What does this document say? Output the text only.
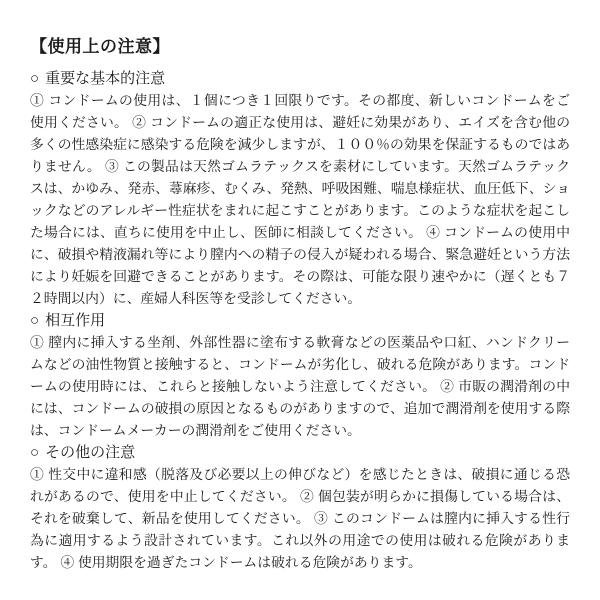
【使用上の注意】
○ 重要な基本的注意

① コンドームの使用は、１個につき１回限りです。その都度、新しいコンドームをご使用ください。 ② コンドームの適正な使用は、避妊に効果があり、エイズを含む他の多くの性感染症に感染する危険を減少しますが、１００％の効果を保証するものではありません。 ③ この製品は天然ゴムラテックスを素材にしています。天然ゴムラテックスは、かゆみ、発赤、蕁麻疹、むくみ、発熱、呼吸困難、喘息様症状、血圧低下、ショックなどのアレルギー性症状をまれに起こすことがあります。このような症状を起こした場合には、直ちに使用を中止し、医師に相談してください。 ④ コンドームの使用中に、破損や精液漏れ等により膣内への精子の侵入が疑われる場合、緊急避妊という方法により妊娠を回避できることがあります。その際は、可能な限り速やかに（遅くとも７２時間以内）に、産婦人科医等を受診してください。

○ 相互作用

① 膣内に挿入する坐剤、外部性器に塗布する軟膏などの医薬品や口紅、ハンドクリームなどの油性物質と接触すると、コンドームが劣化し、破れる危険があります。コンドームの使用時には、これらと接触しないよう注意してください。 ② 市販の潤滑剤の中には、コンドームの破損の原因となるものがありますので、追加で潤滑剤を使用する際は、コンドームメーカーの潤滑剤をご使用ください。

○ その他の注意

① 性交中に違和感（脱落及び必要以上の伸びなど）を感じたときは、破損に通じる恐れがあるので、使用を中止してください。 ② 個包装が明らかに損傷している場合は、それを破棄して、新品を使用してください。 ③ このコンドームは膣内に挿入する性行為に適用するよう設計されています。これ以外の用途での使用は破れる危険があります。 ④ 使用期限を過ぎたコンドームは破れる危険があります。
